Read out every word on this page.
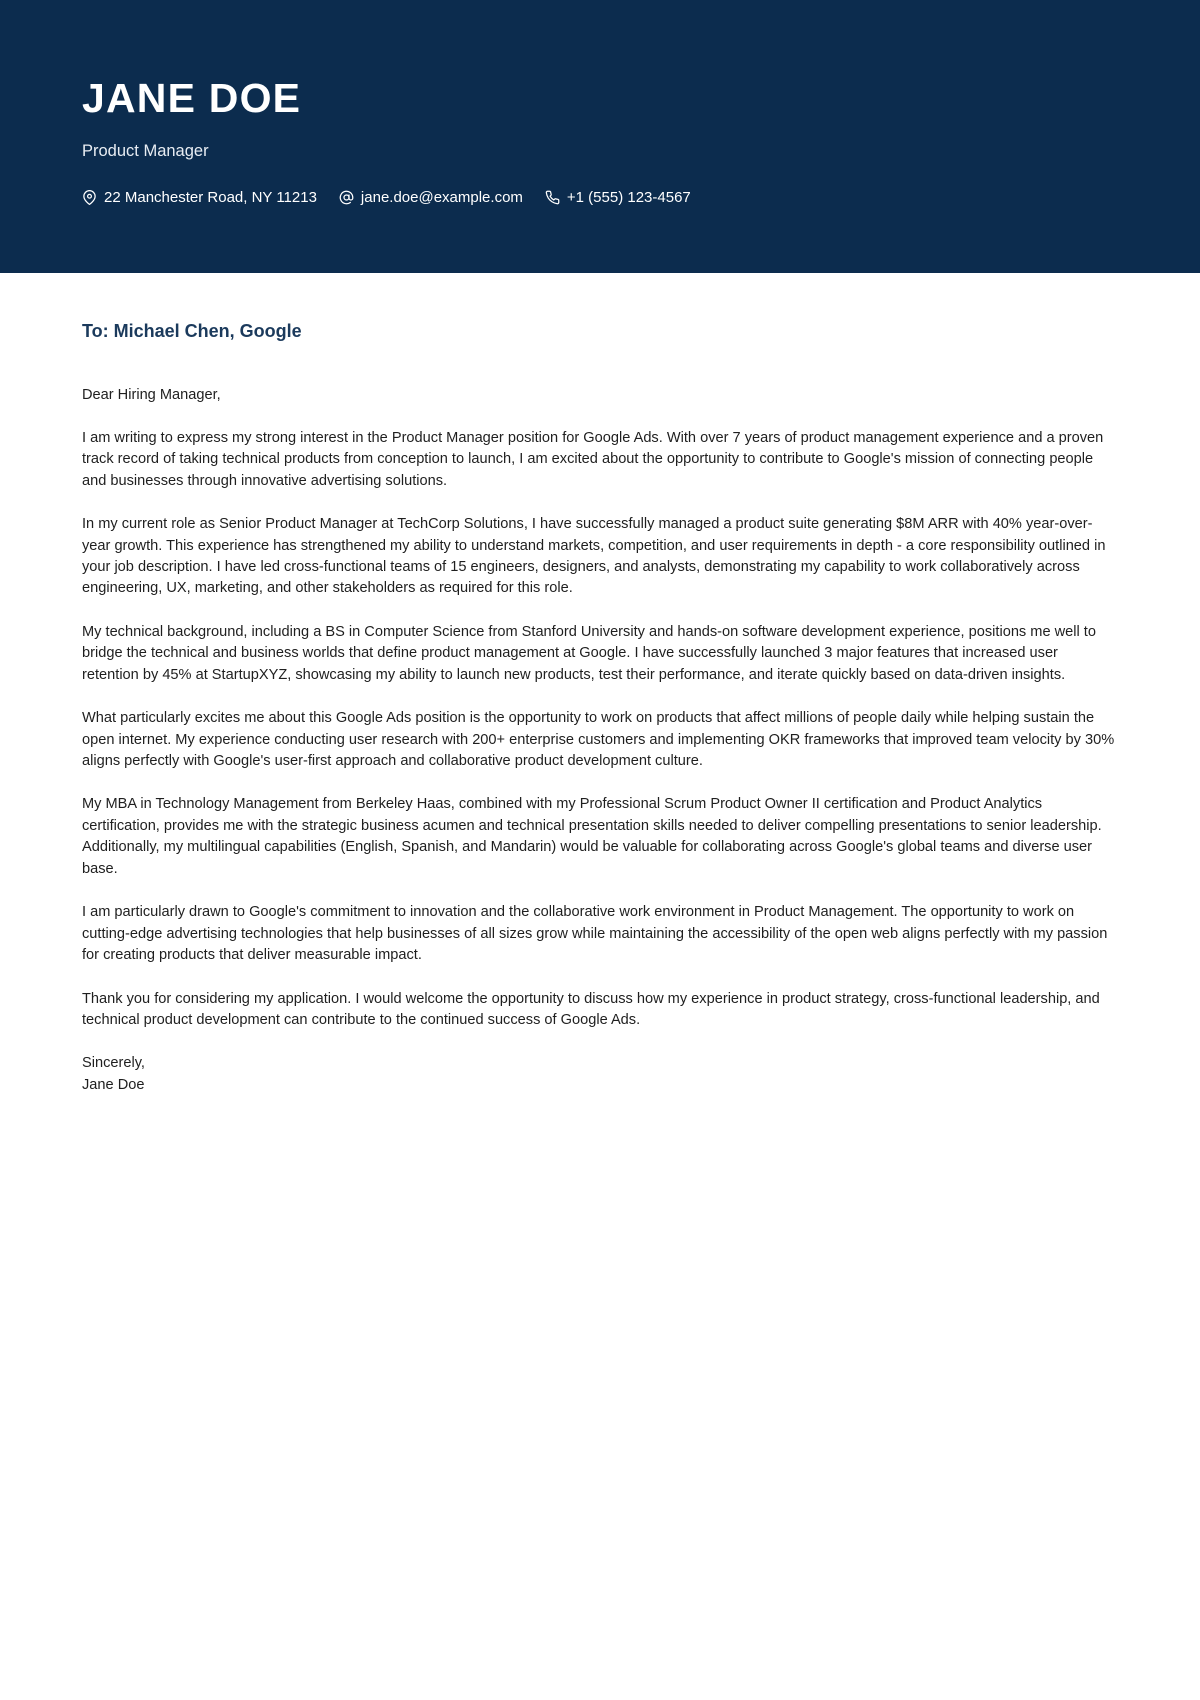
JANE DOE
Product Manager
22 Manchester Road, NY 11213	jane.doe@example.com	+1 (555) 123-4567
To: Michael Chen, Google

Dear Hiring Manager,

I am writing to express my strong interest in the Product Manager position for Google Ads. With over 7 years of product management experience and a proven track record of taking technical products from conception to launch, I am excited about the opportunity to contribute to Google's mission of connecting people and businesses through innovative advertising solutions.

In my current role as Senior Product Manager at TechCorp Solutions, I have successfully managed a product suite generating $8M ARR with 40% year-over-year growth. This experience has strengthened my ability to understand markets, competition, and user requirements in depth - a core responsibility outlined in your job description. I have led cross-functional teams of 15 engineers, designers, and analysts, demonstrating my capability to work collaboratively across engineering, UX, marketing, and other stakeholders as required for this role.

My technical background, including a BS in Computer Science from Stanford University and hands-on software development experience, positions me well to bridge the technical and business worlds that define product management at Google. I have successfully launched 3 major features that increased user retention by 45% at StartupXYZ, showcasing my ability to launch new products, test their performance, and iterate quickly based on data-driven insights.

What particularly excites me about this Google Ads position is the opportunity to work on products that affect millions of people daily while helping sustain the open internet. My experience conducting user research with 200+ enterprise customers and implementing OKR frameworks that improved team velocity by 30% aligns perfectly with Google's user-first approach and collaborative product development culture.

My MBA in Technology Management from Berkeley Haas, combined with my Professional Scrum Product Owner II certification and Product Analytics certification, provides me with the strategic business acumen and technical presentation skills needed to deliver compelling presentations to senior leadership. Additionally, my multilingual capabilities (English, Spanish, and Mandarin) would be valuable for collaborating across Google's global teams and diverse user base.

I am particularly drawn to Google's commitment to innovation and the collaborative work environment in Product Management. The opportunity to work on cutting-edge advertising technologies that help businesses of all sizes grow while maintaining the accessibility of the open web aligns perfectly with my passion for creating products that deliver measurable impact.

Thank you for considering my application. I would welcome the opportunity to discuss how my experience in product strategy, cross-functional leadership, and technical product development can contribute to the continued success of Google Ads.

Sincerely,
Jane Doe
